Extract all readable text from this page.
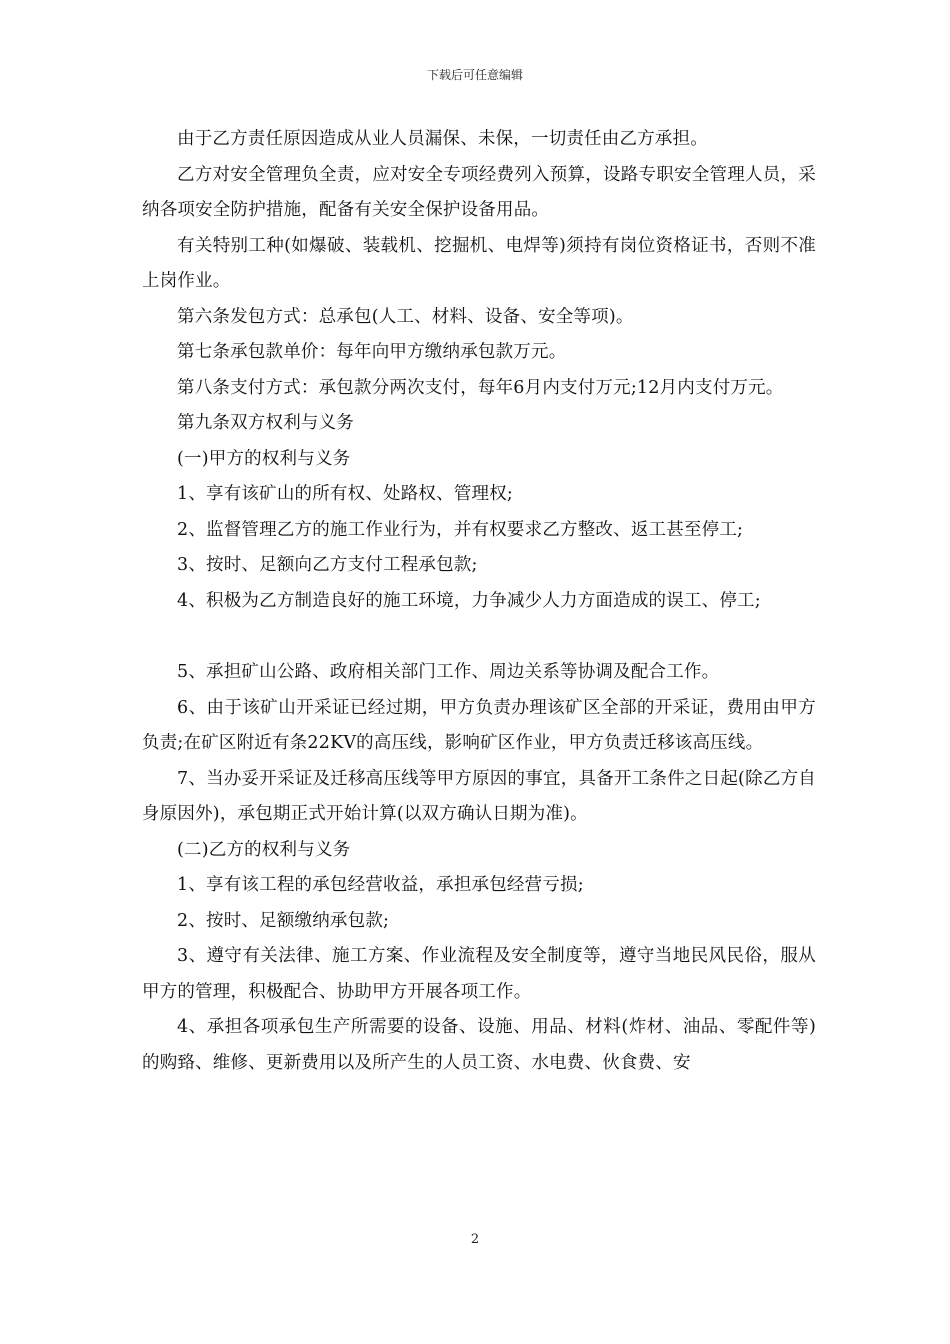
下载后可任意编辑

由于乙方责任原因造成从业人员漏保、未保，一切责任由乙方承担。

乙方对安全管理负全责，应对安全专项经费列入预算，设路专职安全管理人员，采纳各项安全防护措施，配备有关安全保护设备用品。

有关特别工种(如爆破、装载机、挖掘机、电焊等)须持有岗位资格证书，否则不准上岗作业。

第六条发包方式：总承包(人工、材料、设备、安全等项)。

第七条承包款单价：每年向甲方缴纳承包款万元。

第八条支付方式：承包款分两次支付，每年6月内支付万元;12月内支付万元。

第九条双方权利与义务

(一)甲方的权利与义务

1、享有该矿山的所有权、处路权、管理权;

2、监督管理乙方的施工作业行为，并有权要求乙方整改、返工甚至停工;

3、按时、足额向乙方支付工程承包款;

4、积极为乙方制造良好的施工环境，力争减少人力方面造成的误工、停工;

5、承担矿山公路、政府相关部门工作、周边关系等协调及配合工作。

6、由于该矿山开采证已经过期，甲方负责办理该矿区全部的开采证，费用由甲方负责;在矿区附近有条22KV的高压线，影响矿区作业，甲方负责迁移该高压线。

7、当办妥开采证及迁移高压线等甲方原因的事宜，具备开工条件之日起(除乙方自身原因外)，承包期正式开始计算(以双方确认日期为准)。

(二)乙方的权利与义务

1、享有该工程的承包经营收益，承担承包经营亏损;

2、按时、足额缴纳承包款;

3、遵守有关法律、施工方案、作业流程及安全制度等，遵守当地民风民俗，服从甲方的管理，积极配合、协助甲方开展各项工作。

4、承担各项承包生产所需要的设备、设施、用品、材料(炸材、油品、零配件等)的购臵、维修、更新费用以及所产生的人员工资、水电费、伙食费、安

2
